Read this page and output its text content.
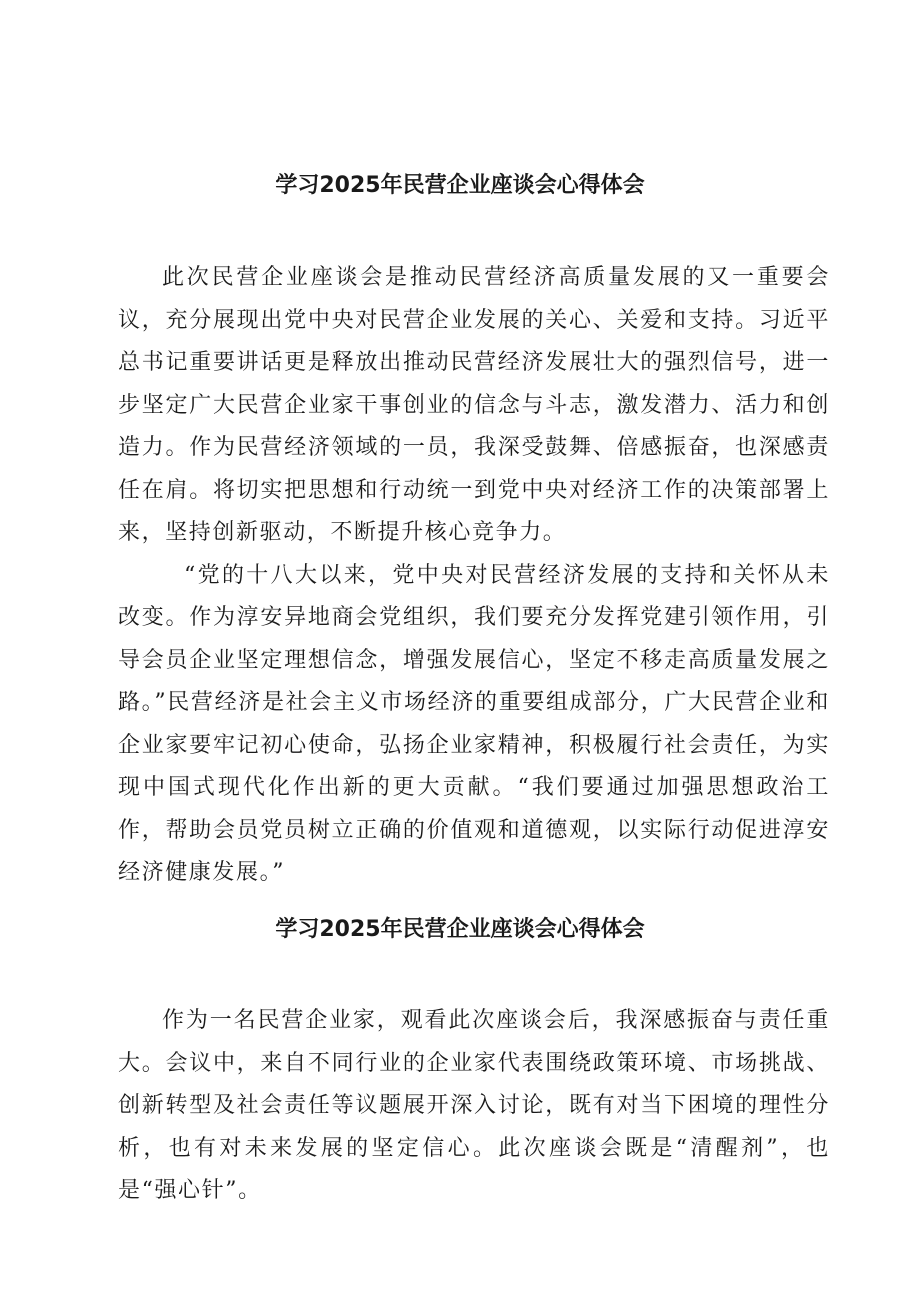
学习2025年民营企业座谈会心得体会

此次民营企业座谈会是推动民营经济高质量发展的又一重要会议，充分展现出党中央对民营企业发展的关心、关爱和支持。习近平总书记重要讲话更是释放出推动民营经济发展壮大的强烈信号，进一步坚定广大民营企业家干事创业的信念与斗志，激发潜力、活力和创造力。作为民营经济领域的一员，我深受鼓舞、倍感振奋，也深感责任在肩。将切实把思想和行动统一到党中央对经济工作的决策部署上来，坚持创新驱动，不断提升核心竞争力。

“党的十八大以来，党中央对民营经济发展的支持和关怀从未改变。作为淳安异地商会党组织，我们要充分发挥党建引领作用，引导会员企业坚定理想信念，增强发展信心，坚定不移走高质量发展之路。”民营经济是社会主义市场经济的重要组成部分，广大民营企业和企业家要牢记初心使命，弘扬企业家精神，积极履行社会责任，为实现中国式现代化作出新的更大贡献。“我们要通过加强思想政治工作，帮助会员党员树立正确的价值观和道德观，以实际行动促进淳安经济健康发展。”

学习2025年民营企业座谈会心得体会

作为一名民营企业家，观看此次座谈会后，我深感振奋与责任重大。会议中，来自不同行业的企业家代表围绕政策环境、市场挑战、创新转型及社会责任等议题展开深入讨论，既有对当下困境的理性分析，也有对未来发展的坚定信心。此次座谈会既是“清醒剂”，也是“强心针”。
